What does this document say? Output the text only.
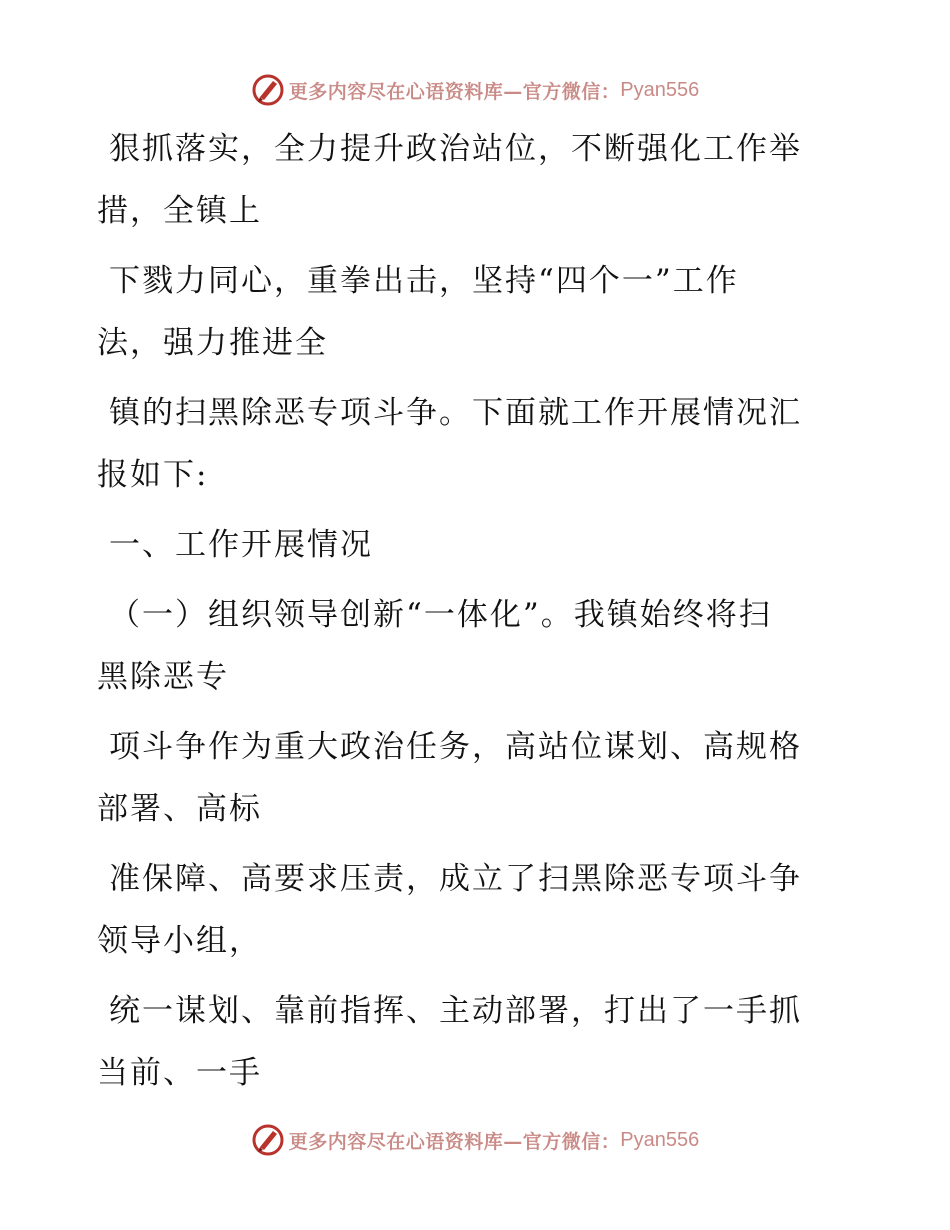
更多内容尽在心语资料库—官方微信： Pyan556

狠抓落实，全力提升政治站位，不断强化工作举
措，全镇上

下戮力同心，重拳出击，坚持“四个一”工作
法，强力推进全

镇的扫黑除恶专项斗争。下面就工作开展情况汇
报如下:

一、工作开展情况

（一）组织领导创新“一体化”。我镇始终将扫
黑除恶专

项斗争作为重大政治任务，高站位谋划、高规格
部署、高标

准保障、高要求压责，成立了扫黑除恶专项斗争
领导小组，

统一谋划、靠前指挥、主动部署，打出了一手抓
当前、一手

更多内容尽在心语资料库—官方微信： Pyan556
